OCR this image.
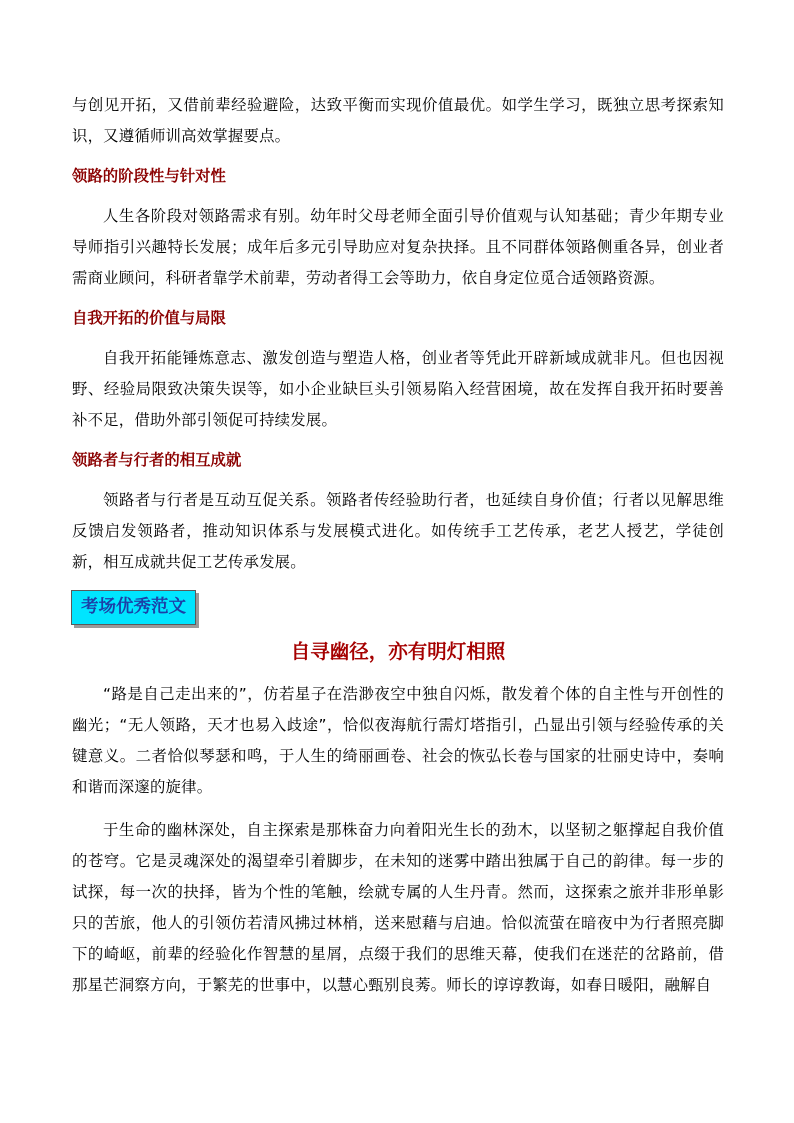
与创见开拓，又借前辈经验避险，达致平衡而实现价值最优。如学生学习，既独立思考探索知识，又遵循师训高效掌握要点。

领路的阶段性与针对性

人生各阶段对领路需求有别。幼年时父母老师全面引导价值观与认知基础；青少年期专业导师指引兴趣特长发展；成年后多元引导助应对复杂抉择。且不同群体领路侧重各异，创业者需商业顾问，科研者靠学术前辈，劳动者得工会等助力，依自身定位觅合适领路资源。

自我开拓的价值与局限

自我开拓能锤炼意志、激发创造与塑造人格，创业者等凭此开辟新域成就非凡。但也因视野、经验局限致决策失误等，如小企业缺巨头引领易陷入经营困境，故在发挥自我开拓时要善补不足，借助外部引领促可持续发展。

领路者与行者的相互成就

领路者与行者是互动互促关系。领路者传经验助行者，也延续自身价值；行者以见解思维反馈启发领路者，推动知识体系与发展模式进化。如传统手工艺传承，老艺人授艺，学徒创新，相互成就共促工艺传承发展。

考场优秀范文
自寻幽径，亦有明灯相照

“路是自己走出来的”，仿若星子在浩渺夜空中独自闪烁，散发着个体的自主性与开创性的幽光；“无人领路，天才也易入歧途”，恰似夜海航行需灯塔指引，凸显出引领与经验传承的关键意义。二者恰似琴瑟和鸣，于人生的绮丽画卷、社会的恢弘长卷与国家的壮丽史诗中，奏响和谐而深邃的旋律。

于生命的幽林深处，自主探索是那株奋力向着阳光生长的劲木，以坚韧之躯撑起自我价值的苍穹。它是灵魂深处的渴望牵引着脚步，在未知的迷雾中踏出独属于自己的韵律。每一步的试探，每一次的抉择，皆为个性的笔触，绘就专属的人生丹青。然而，这探索之旅并非形单影只的苦旅，他人的引领仿若清风拂过林梢，送来慰藉与启迪。恰似流萤在暗夜中为行者照亮脚下的崎岖，前辈的经验化作智慧的星屑，点缀于我们的思维天幕，使我们在迷茫的岔路前，借那星芒洞察方向，于繁芜的世事中，以慧心甄别良莠。师长的谆谆教诲，如春日暖阳，融解自
